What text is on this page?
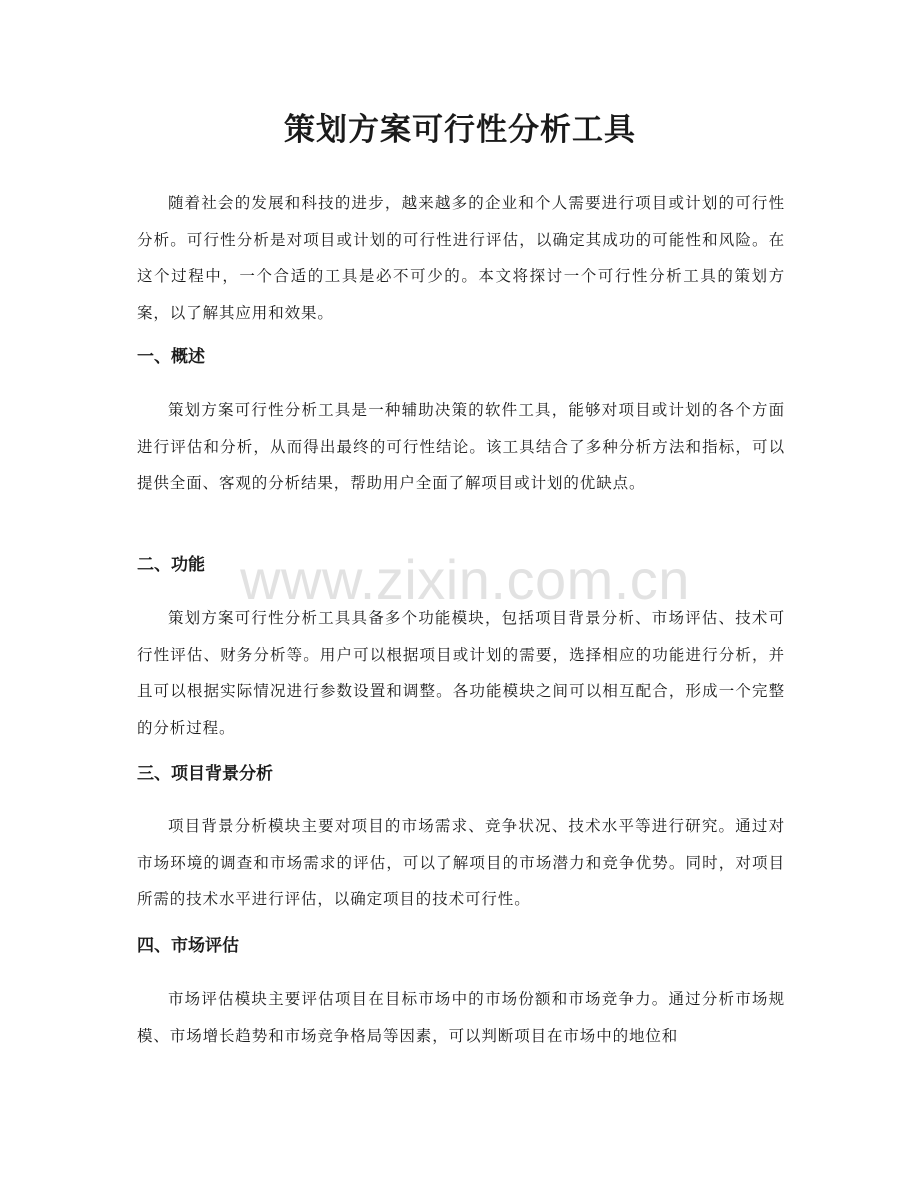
策划方案可行性分析工具

随着社会的发展和科技的进步，越来越多的企业和个人需要进行项目或计划的可行性分析。可行性分析是对项目或计划的可行性进行评估，以确定其成功的可能性和风险。在这个过程中，一个合适的工具是必不可少的。本文将探讨一个可行性分析工具的策划方案，以了解其应用和效果。

一、概述

策划方案可行性分析工具是一种辅助决策的软件工具，能够对项目或计划的各个方面进行评估和分析，从而得出最终的可行性结论。该工具结合了多种分析方法和指标，可以提供全面、客观的分析结果，帮助用户全面了解项目或计划的优缺点。

二、功能

策划方案可行性分析工具具备多个功能模块，包括项目背景分析、市场评估、技术可行性评估、财务分析等。用户可以根据项目或计划的需要，选择相应的功能进行分析，并且可以根据实际情况进行参数设置和调整。各功能模块之间可以相互配合，形成一个完整的分析过程。

三、项目背景分析

项目背景分析模块主要对项目的市场需求、竞争状况、技术水平等进行研究。通过对市场环境的调查和市场需求的评估，可以了解项目的市场潜力和竞争优势。同时，对项目所需的技术水平进行评估，以确定项目的技术可行性。

四、市场评估

市场评估模块主要评估项目在目标市场中的市场份额和市场竞争力。通过分析市场规模、市场增长趋势和市场竞争格局等因素，可以判断项目在市场中的地位和

www.zixin.com.cn
